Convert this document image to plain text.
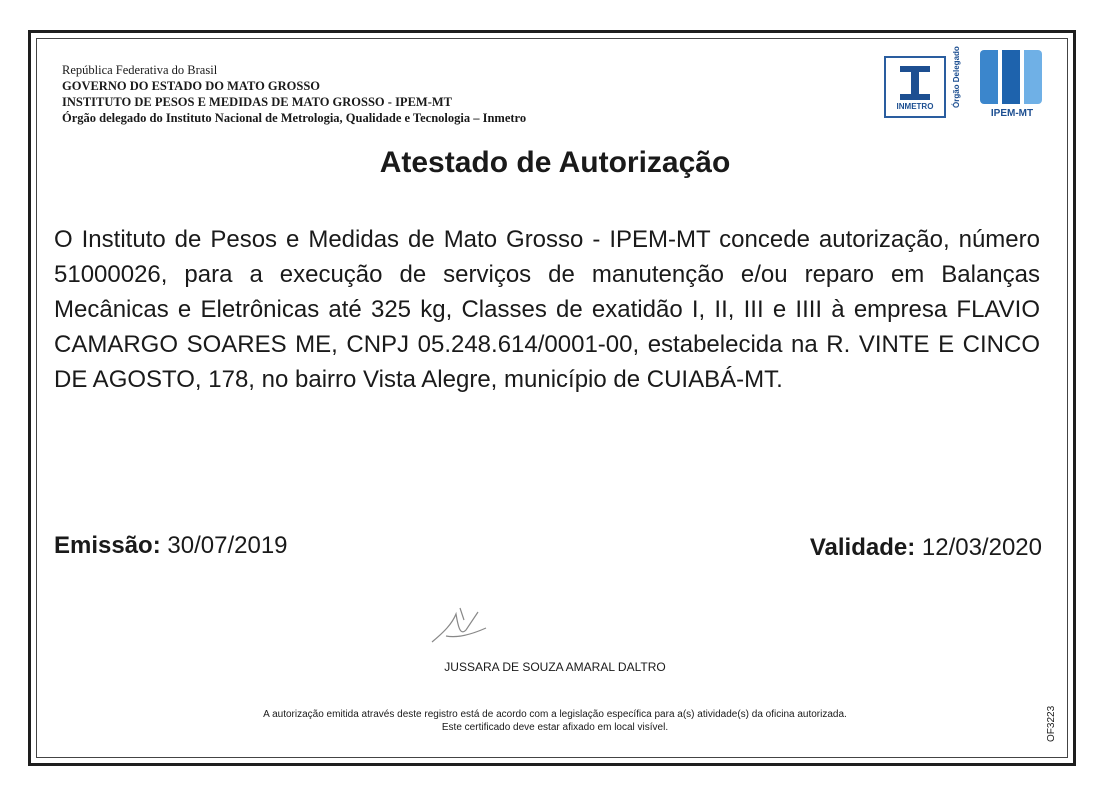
República Federativa do Brasil
GOVERNO DO ESTADO DO MATO GROSSO
INSTITUTO DE PESOS E MEDIDAS DE MATO GROSSO - IPEM-MT
Órgão delegado do Instituto Nacional de Metrologia, Qualidade e Tecnologia – Inmetro
INMETRO	Órgão Delegado
IPEM-MT
Atestado de Autorização
O Instituto de Pesos e Medidas de Mato Grosso - IPEM-MT concede autorização, número 51000026, para a execução de serviços de manutenção e/ou reparo em Balanças Mecânicas e Eletrônicas até 325 kg, Classes de exatidão I, II, III e IIII à empresa FLAVIO CAMARGO SOARES ME, CNPJ 05.248.614/0001-00, estabelecida na R. VINTE E CINCO DE AGOSTO, 178, no bairro Vista Alegre, município de CUIABÁ-MT.
Emissão: 30/07/2019	Validade: 12/03/2020
JUSSARA DE SOUZA AMARAL DALTRO
A autorização emitida através deste registro está de acordo com a legislação específica para a(s) atividade(s) da oficina autorizada.
Este certificado deve estar afixado em local visível.	OF3223
